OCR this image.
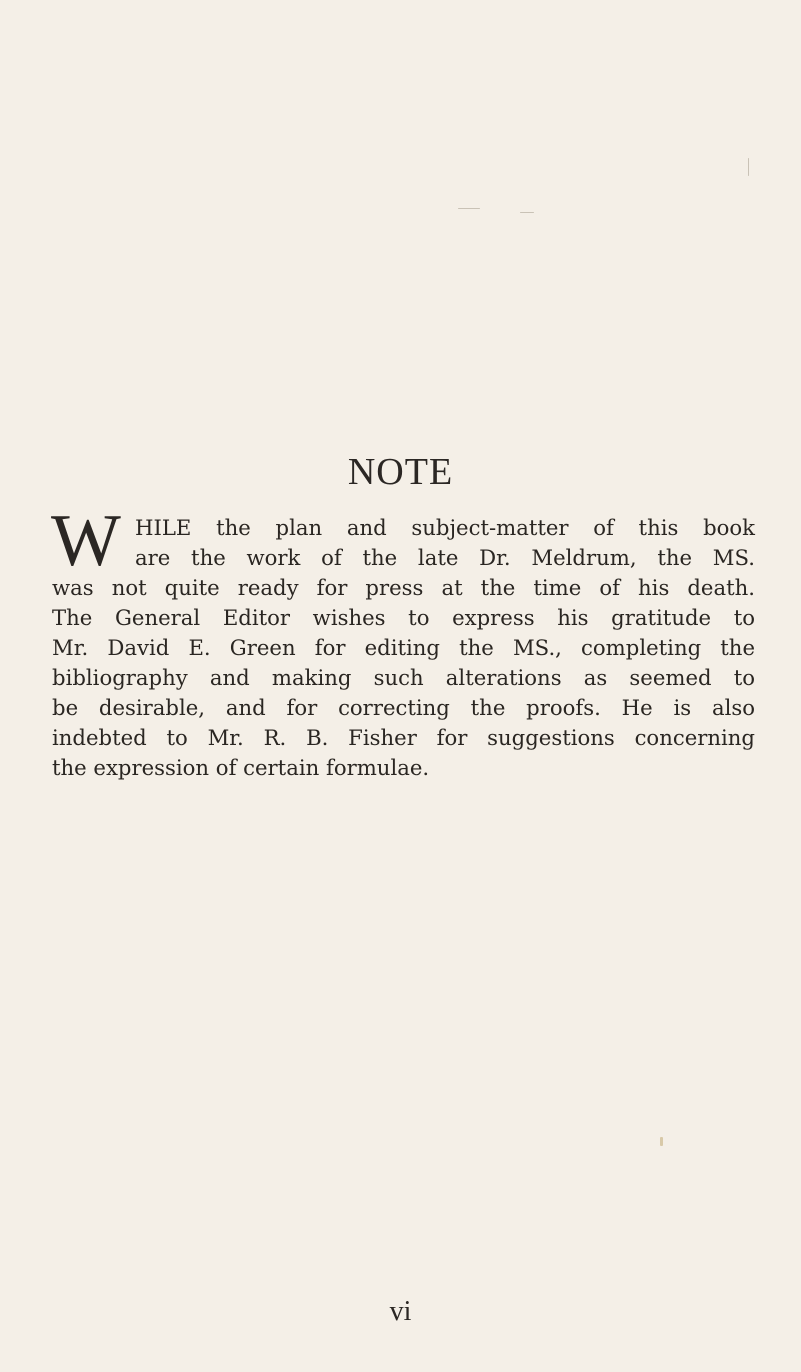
NOTE
W HILE the plan and subject-matter of this book
are the work of the late Dr. Meldrum, the MS.
was not quite ready for press at the time of his death.
The General Editor wishes to express his gratitude to
Mr. David E. Green for editing the MS., completing the
bibliography and making such alterations as seemed to
be desirable, and for correcting the proofs. He is also
indebted to Mr. R. B. Fisher for suggestions concerning
the expression of certain formulae.
vi
